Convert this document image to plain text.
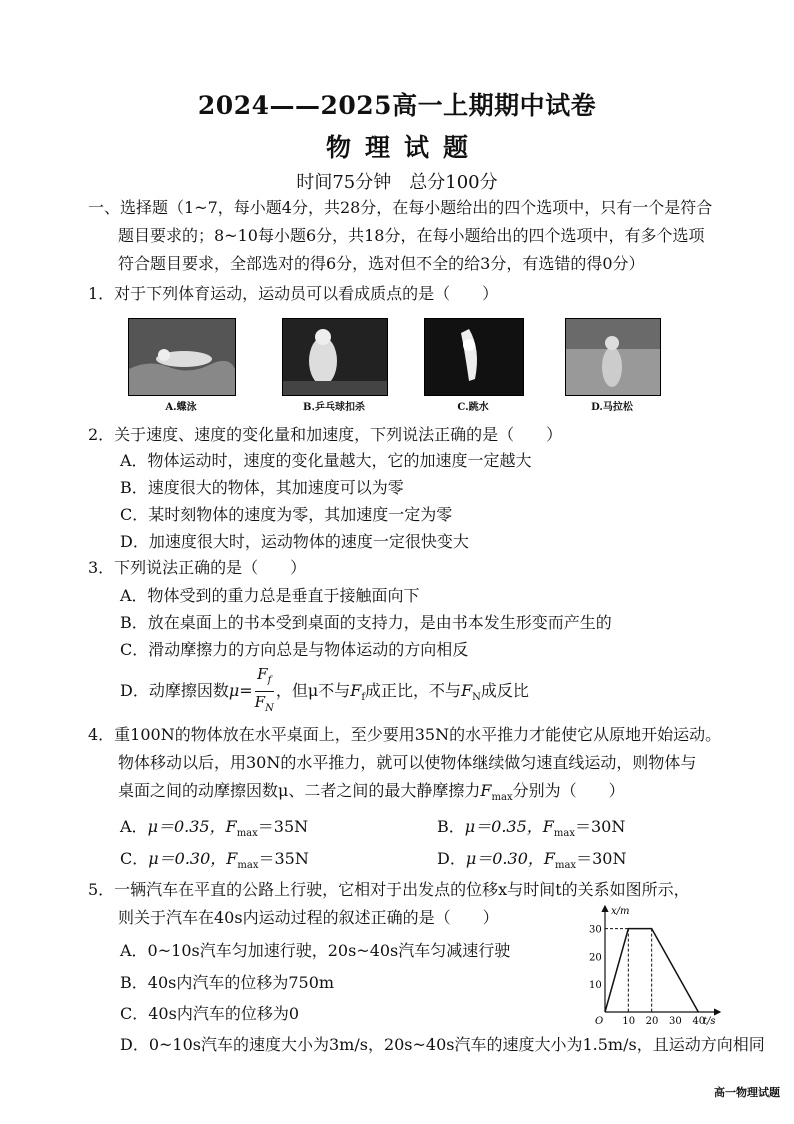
2024——2025高一上期期中试卷
物理试题
时间75分钟　总分100分
一、选择题（1~7，每小题4分，共28分，在每小题给出的四个选项中，只有一个是符合
题目要求的；8~10每小题6分，共18分，在每小题给出的四个选项中，有多个选项
符合题目要求，全部选对的得6分，选对但不全的给3分，有选错的得0分）
1．对于下列体育运动，运动员可以看成质点的是（　　）
A.蝶泳	B.乒乓球扣杀	C.跳水	D.马拉松
2．关于速度、速度的变化量和加速度，下列说法正确的是（　　）
A．物体运动时，速度的变化量越大，它的加速度一定越大
B．速度很大的物体，其加速度可以为零
C．某时刻物体的速度为零，其加速度一定为零
D．加速度很大时，运动物体的速度一定很快变大
3．下列说法正确的是（　　）
A．物体受到的重力总是垂直于接触面向下
B．放在桌面上的书本受到桌面的支持力，是由书本发生形变而产生的
C．滑动摩擦力的方向总是与物体运动的方向相反
D．动摩擦因数$\mu= \frac{F_f}{F_N}$ ，但μ不与$F_f$成正比，不与$F_N$成反比
4．重100N的物体放在水平桌面上，至少要用35N的水平推力才能使它从原地开始运动。
物体移动以后，用30N的水平推力，就可以使物体继续做匀速直线运动，则物体与
桌面之间的动摩擦因数μ、二者之间的最大静摩擦力$F_{max}$分别为（　　）
A．μ＝0.35，$F_{max}=35N$	B．μ＝0.35，$F_{max}=30N$
C．μ＝0.30，$F_{max}=35N$	D．μ＝0.30，$F_{max}=30N$
5．一辆汽车在平直的公路上行驶，它相对于出发点的位移x与时间t的关系如图所示，
则关于汽车在40s内运动过程的叙述正确的是（　　）
A．0~10s汽车匀加速行驶，20s~40s汽车匀减速行驶
B．40s内汽车的位移为750m
C．40s内汽车的位移为0
D．0~10s汽车的速度大小为3m/s，20s~40s汽车的速度大小为1.5m/s，且运动方向相同
x/m
t/s
O 10 20 30 40
10
20
30
高一物理试题
